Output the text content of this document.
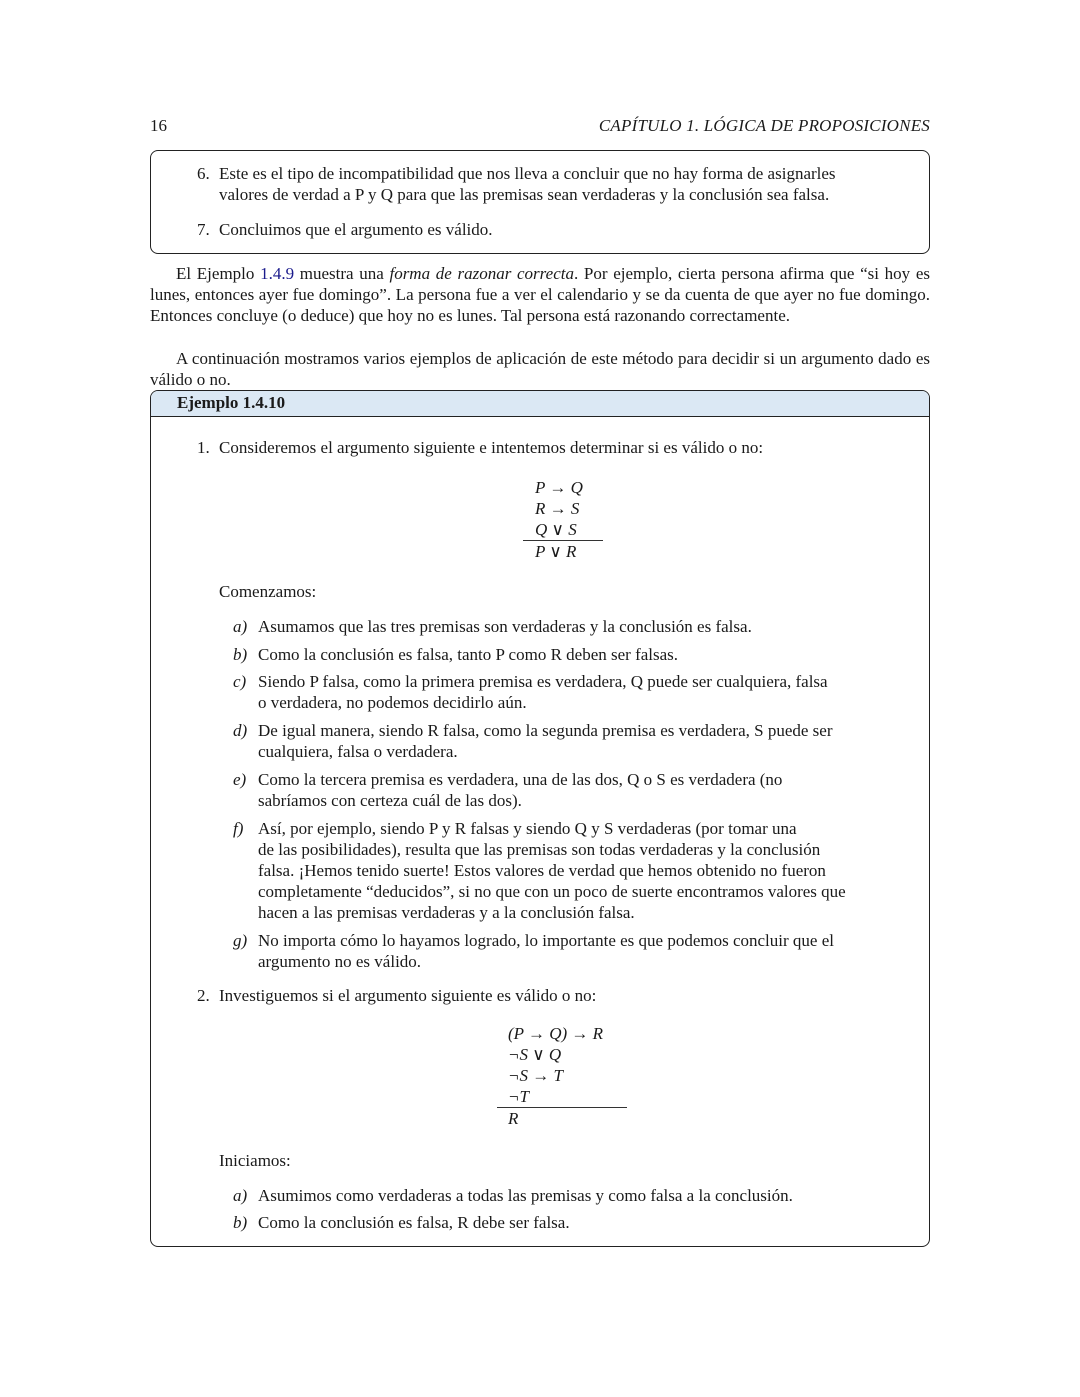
16	CAPÍTULO 1. LÓGICA DE PROPOSICIONES
6. Este es el tipo de incompatibilidad que nos lleva a concluir que no hay forma de asignarles
valores de verdad a P y Q para que las premisas sean verdaderas y la conclusión sea falsa.
7. Concluimos que el argumento es válido.

El Ejemplo 1.4.9 muestra una forma de razonar correcta. Por ejemplo, cierta persona afirma que “si hoy es lunes, entonces ayer fue domingo”. La persona fue a ver el calendario y se da cuenta de que ayer no fue domingo. Entonces concluye (o deduce) que hoy no es lunes. Tal persona está razonando correctamente.

A continuación mostramos varios ejemplos de aplicación de este método para decidir si un argumento dado es válido o no.

Ejemplo 1.4.10
1. Consideremos el argumento siguiente e intentemos determinar si es válido o no:
P → Q
R → S
Q ∨ S
P ∨ R
Comenzamos:
a) Asumamos que las tres premisas son verdaderas y la conclusión es falsa.
b) Como la conclusión es falsa, tanto P como R deben ser falsas.
c) Siendo P falsa, como la primera premisa es verdadera, Q puede ser cualquiera, falsa
o verdadera, no podemos decidirlo aún.
d) De igual manera, siendo R falsa, como la segunda premisa es verdadera, S puede ser
cualquiera, falsa o verdadera.
e) Como la tercera premisa es verdadera, una de las dos, Q o S es verdadera (no
sabríamos con certeza cuál de las dos).
f) Así, por ejemplo, siendo P y R falsas y siendo Q y S verdaderas (por tomar una
de las posibilidades), resulta que las premisas son todas verdaderas y la conclusión
falsa. ¡Hemos tenido suerte! Estos valores de verdad que hemos obtenido no fueron
completamente “deducidos”, si no que con un poco de suerte encontramos valores que
hacen a las premisas verdaderas y a la conclusión falsa.
g) No importa cómo lo hayamos logrado, lo importante es que podemos concluir que el
argumento no es válido.
2. Investiguemos si el argumento siguiente es válido o no:
(P → Q) → R
¬S ∨ Q
¬S → T
¬T
R
Iniciamos:
a) Asumimos como verdaderas a todas las premisas y como falsa a la conclusión.
b) Como la conclusión es falsa, R debe ser falsa.
